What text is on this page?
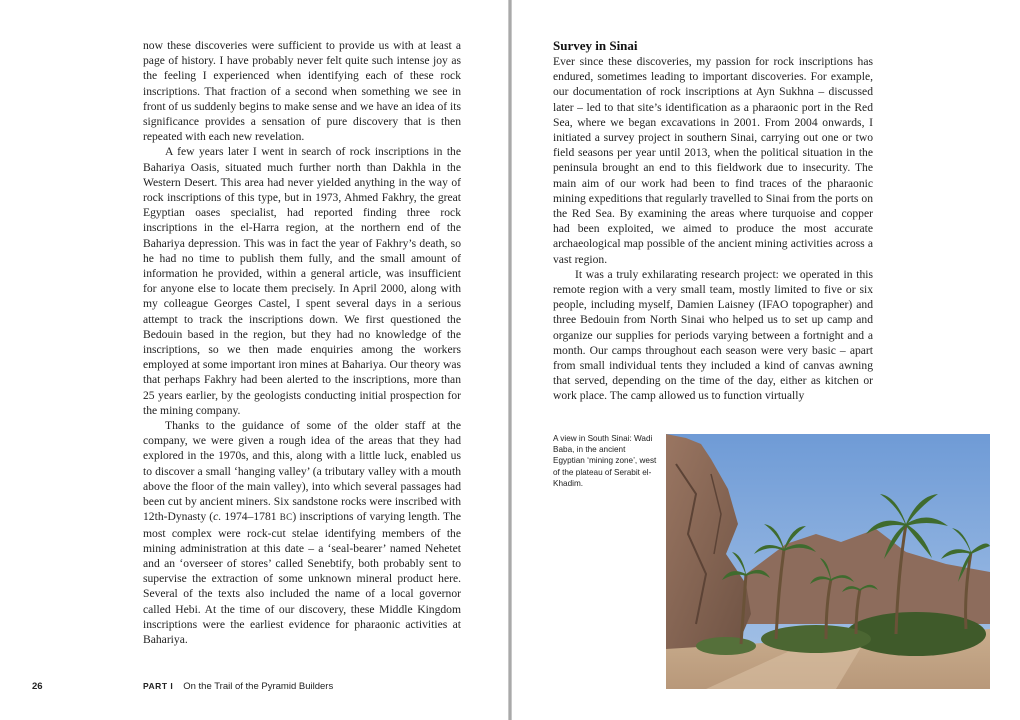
now these discoveries were sufficient to provide us with at least a page of history. I have probably never felt quite such intense joy as the feeling I experienced when identifying each of these rock inscriptions. That fraction of a second when something we see in front of us suddenly begins to make sense and we have an idea of its significance provides a sensation of pure discovery that is then repeated with each new revelation.

A few years later I went in search of rock inscriptions in the Bahariya Oasis, situated much further north than Dakhla in the Western Desert. This area had never yielded anything in the way of rock inscriptions of this type, but in 1973, Ahmed Fakhry, the great Egyptian oases specialist, had reported finding three rock inscriptions in the el-Harra region, at the northern end of the Bahariya depression. This was in fact the year of Fakhry’s death, so he had no time to publish them fully, and the small amount of information he provided, within a general article, was insufficient for anyone else to locate them precisely. In April 2000, along with my colleague Georges Castel, I spent several days in a serious attempt to track the inscriptions down. We first questioned the Bedouin based in the region, but they had no knowledge of the inscriptions, so we then made enquiries among the workers employed at some important iron mines at Bahariya. Our theory was that perhaps Fakhry had been alerted to the inscriptions, more than 25 years earlier, by the geologists conducting initial prospection for the mining company.

Thanks to the guidance of some of the older staff at the company, we were given a rough idea of the areas that they had explored in the 1970s, and this, along with a little luck, enabled us to discover a small ‘hanging valley’ (a tributary valley with a mouth above the floor of the main valley), into which several passages had been cut by ancient miners. Six sandstone rocks were inscribed with 12th-Dynasty (c. 1974–1781 BC) inscriptions of varying length. The most complex were rock-cut stelae identifying members of the mining administration at this date – a ‘seal-bearer’ named Nehetet and an ‘overseer of stores’ called Senebtify, both probably sent to supervise the extraction of some unknown mineral product here. Several of the texts also included the name of a local governor called Hebi. At the time of our discovery, these Middle Kingdom inscriptions were the earliest evidence for pharaonic activities at Bahariya.

Survey in Sinai

Ever since these discoveries, my passion for rock inscriptions has endured, sometimes leading to important discoveries. For example, our documentation of rock inscriptions at Ayn Sukhna – discussed later – led to that site’s identification as a pharaonic port in the Red Sea, where we began excavations in 2001. From 2004 onwards, I initiated a survey project in southern Sinai, carrying out one or two field seasons per year until 2013, when the political situation in the peninsula brought an end to this fieldwork due to insecurity. The main aim of our work had been to find traces of the pharaonic mining expeditions that regularly travelled to Sinai from the ports on the Red Sea. By examining the areas where turquoise and copper had been exploited, we aimed to produce the most accurate archaeological map possible of the ancient mining activities across a vast region.

It was a truly exhilarating research project: we operated in this remote region with a very small team, mostly limited to five or six people, including myself, Damien Laisney (IFAO topographer) and three Bedouin from North Sinai who helped us to set up camp and organize our supplies for periods varying between a fortnight and a month. Our camps throughout each season were very basic – apart from small individual tents they included a kind of canvas awning that served, depending on the time of the day, either as kitchen or work place. The camp allowed us to function virtually

A view in South Sinai: Wadi Baba, in the ancient Egyptian ‘mining zone’, west of the plateau of Serabit el-Khadim.
26	PART I On the Trail of the Pyramid Builders
